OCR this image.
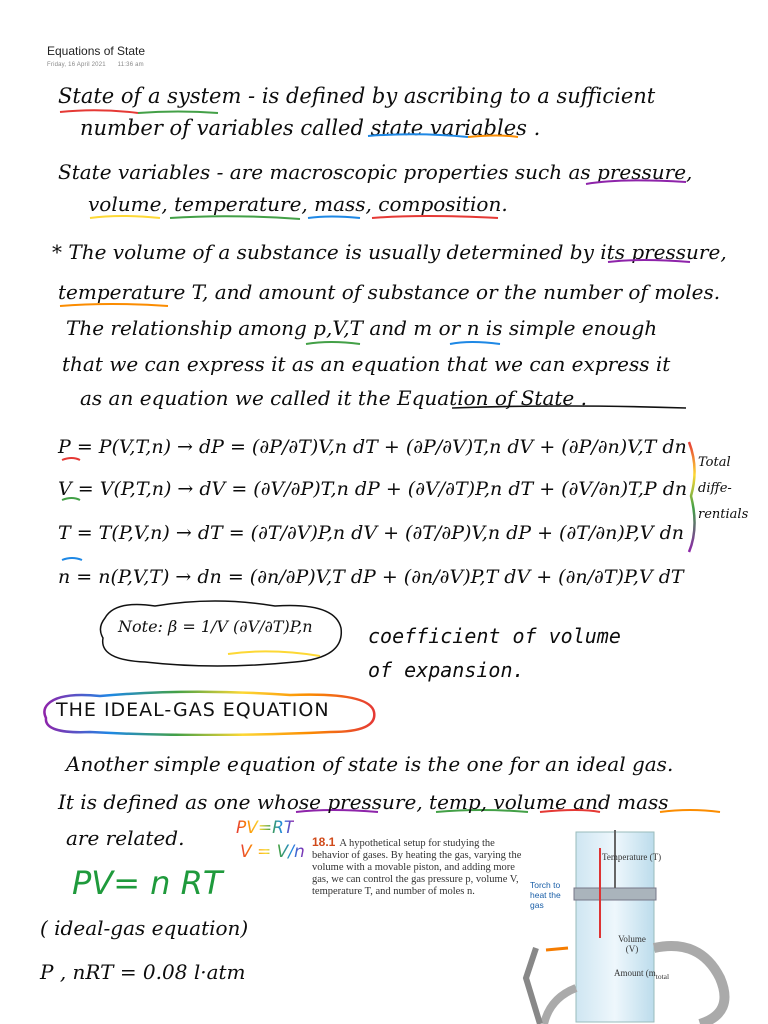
Equations of State
Friday, 16 April 2021 11:36 am
State of a system - is defined by ascribing to a sufficient
number of variables called state variables .
State variables - are macroscopic properties such as pressure,
volume, temperature, mass, composition.
* The volume of a substance is usually determined by its pressure,
temperature T, and amount of substance or the number of moles.
The relationship among p,V,T and m or n is simple enough
that we can express it as an equation that we can express it
as an equation we called it the Equation of State .
P = P(V,T,n) → dP = (∂P/∂T)V,n dT + (∂P/∂V)T,n dV + (∂P/∂n)V,T dn
V = V(P,T,n) → dV = (∂V/∂P)T,n dP + (∂V/∂T)P,n dT + (∂V/∂n)T,P dn
T = T(P,V,n) → dT = (∂T/∂V)P,n dV + (∂T/∂P)V,n dP + (∂T/∂n)P,V dn
n = n(P,V,T) → dn = (∂n/∂P)V,T dP + (∂n/∂V)P,T dV + (∂n/∂T)P,V dT
Total diffe-rentials
Note: β = 1/V (∂V/∂T)P,n	coefficient of volume
of expansion.
THE IDEAL-GAS EQUATION
Another simple equation of state is the one for an ideal gas.
It is defined as one whose pressure, temp, volume and mass
are related.	PV=RT
V = V/n
PV= n RT
( ideal-gas equation)
P , nRT = 0.08 l·atm
18.1 A hypothetical setup for studying the behavior of gases. By heating the gas, varying the volume with a movable piston, and adding more gas, we can control the gas pressure p, volume V, temperature T, and number of moles n.
Temperature (T)
Torch to heat the gas
Volume (V)
Amount ($m_{total}$
